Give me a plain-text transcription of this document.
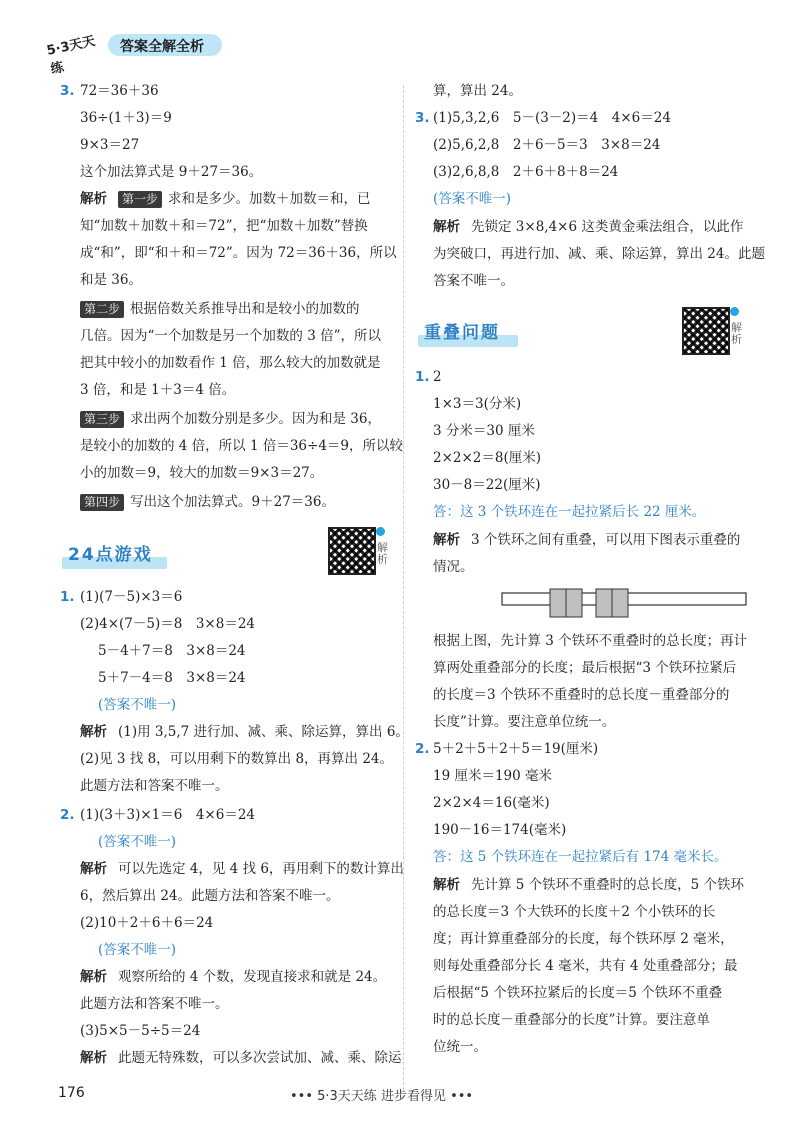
5·3天天练
答案全解全析
3. 72＝36＋36
36÷(1＋3)＝9
9×3＝27
这个加法算式是 9＋27＝36。
解析	第一步 求和是多少。加数＋加数＝和，已
知“加数＋加数＋和＝72”，把“加数＋加数”替换
成“和”，即“和＋和＝72”。因为 72＝36＋36，所以
和是 36。
第二步 根据倍数关系推导出和是较小的加数的
几倍。因为“一个加数是另一个加数的 3 倍”，所以
把其中较小的加数看作 1 倍，那么较大的加数就是
3 倍，和是 1＋3＝4 倍。
第三步 求出两个加数分别是多少。因为和是 36，
是较小的加数的 4 倍，所以 1 倍＝36÷4＝9，所以较
小的加数＝9，较大的加数＝9×3＝27。
第四步 写出这个加法算式。9＋27＝36。
24点游戏	解析
1. (1)(7－5)×3＝6
(2)4×(7－5)＝8　3×8＝24
5－4＋7＝8　3×8＝24
5＋7－4＝8　3×8＝24
(答案不唯一)
解析 (1)用 3,5,7 进行加、减、乘、除运算，算出 6。
(2)见 3 找 8，可以用剩下的数算出 8，再算出 24。
此题方法和答案不唯一。
2. (1)(3＋3)×1＝6　4×6＝24
(答案不唯一)
解析 可以先选定 4，见 4 找 6，再用剩下的数计算出
6，然后算出 24。此题方法和答案不唯一。
(2)10＋2＋6＋6＝24
(答案不唯一)
解析 观察所给的 4 个数，发现直接求和就是 24。
此题方法和答案不唯一。
(3)5×5－5÷5＝24
解析 此题无特殊数，可以多次尝试加、减、乘、除运
算，算出 24。
3. (1)5,3,2,6　5－(3－2)＝4　4×6＝24
(2)5,6,2,8　2＋6－5＝3　3×8＝24
(3)2,6,8,8　2＋6＋8＋8＝24
(答案不唯一)
解析 先锁定 3×8,4×6 这类黄金乘法组合，以此作
为突破口，再进行加、减、乘、除运算，算出 24。此题
答案不唯一。
重叠问题	解析
1. 2
1×3＝3(分米)
3 分米＝30 厘米
2×2×2＝8(厘米)
30－8＝22(厘米)
答：这 3 个铁环连在一起拉紧后长 22 厘米。
解析 3 个铁环之间有重叠，可以用下图表示重叠的
情况。
根据上图，先计算 3 个铁环不重叠时的总长度；再计
算两处重叠部分的长度；最后根据“3 个铁环拉紧后
的长度＝3 个铁环不重叠时的总长度－重叠部分的
长度”计算。要注意单位统一。
2. 5＋2＋5＋2＋5＝19(厘米)
19 厘米＝190 毫米
2×2×4＝16(毫米)
190－16＝174(毫米)
答：这 5 个铁环连在一起拉紧后有 174 毫米长。
解析 先计算 5 个铁环不重叠时的总长度，5 个铁环
的总长度＝3 个大铁环的长度＋2 个小铁环的长
度；再计算重叠部分的长度，每个铁环厚 2 毫米，
则每处重叠部分长 4 毫米，共有 4 处重叠部分；最
后根据“5 个铁环拉紧后的长度＝5 个铁环不重叠
时的总长度－重叠部分的长度”计算。要注意单
位统一。
176	••• 5·3天天练 进步看得见 •••
